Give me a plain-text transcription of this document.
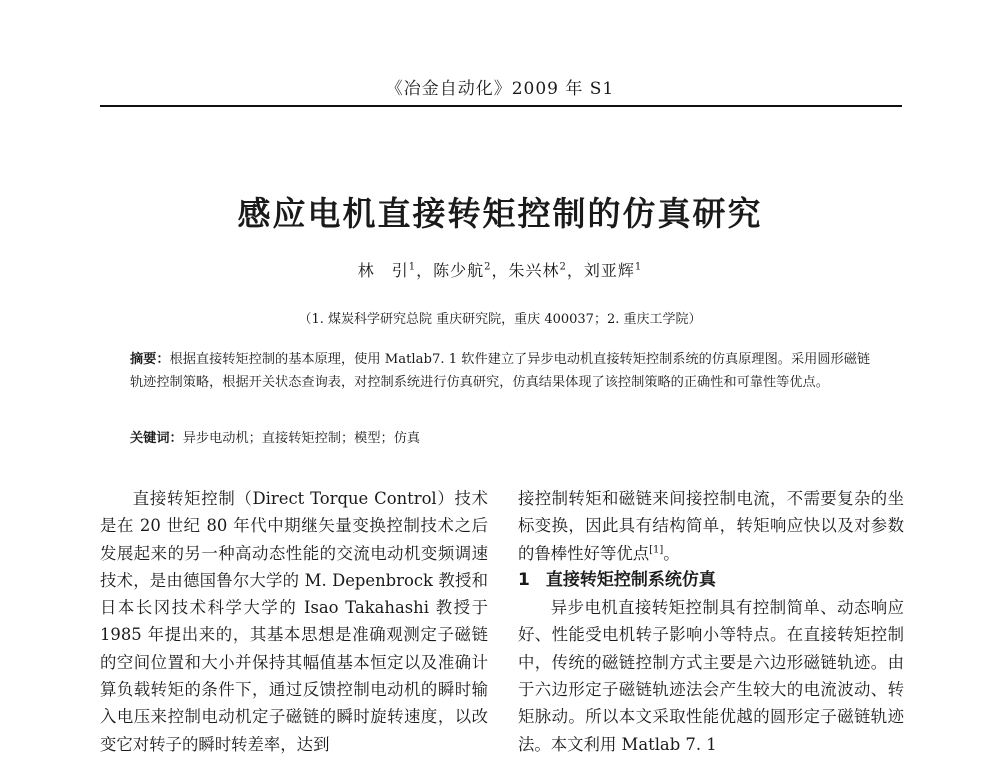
《冶金自动化》2009 年 S1
感应电机直接转矩控制的仿真研究
林　引$^1$，陈少航$^2$，朱兴林$^2$，刘亚辉$^1$
（1. 煤炭科学研究总院 重庆研究院，重庆 400037；2. 重庆工学院）
摘要：根据直接转矩控制的基本原理，使用 Matlab7. 1 软件建立了异步电动机直接转矩控制系统的仿真原理图。采用圆形磁链轨迹控制策略，根据开关状态查询表，对控制系统进行仿真研究，仿真结果体现了该控制策略的正确性和可靠性等优点。
关键词：异步电动机；直接转矩控制；模型；仿真

直接转矩控制（Direct Torque Control）技术是在 20 世纪 80 年代中期继矢量变换控制技术之后发展起来的另一种高动态性能的交流电动机变频调速技术，是由德国鲁尔大学的 M. Depenbrock 教授和日本长冈技术科学大学的 Isao Takahashi 教授于 1985 年提出来的，其基本思想是准确观测定子磁链的空间位置和大小并保持其幅值基本恒定以及准确计算负载转矩的条件下，通过反馈控制电动机的瞬时输入电压来控制电动机定子磁链的瞬时旋转速度，以改变它对转子的瞬时转差率，达到

接控制转矩和磁链来间接控制电流，不需要复杂的坐标变换，因此具有结构简单，转矩响应快以及对参数的鲁棒性好等优点[1]。

1 直接转矩控制系统仿真

异步电机直接转矩控制具有控制简单、动态响应好、性能受电机转子影响小等特点。在直接转矩控制中，传统的磁链控制方式主要是六边形磁链轨迹。由于六边形定子磁链轨迹法会产生较大的电流波动、转矩脉动。所以本文采取性能优越的圆形定子磁链轨迹法。本文利用 Matlab 7. 1
